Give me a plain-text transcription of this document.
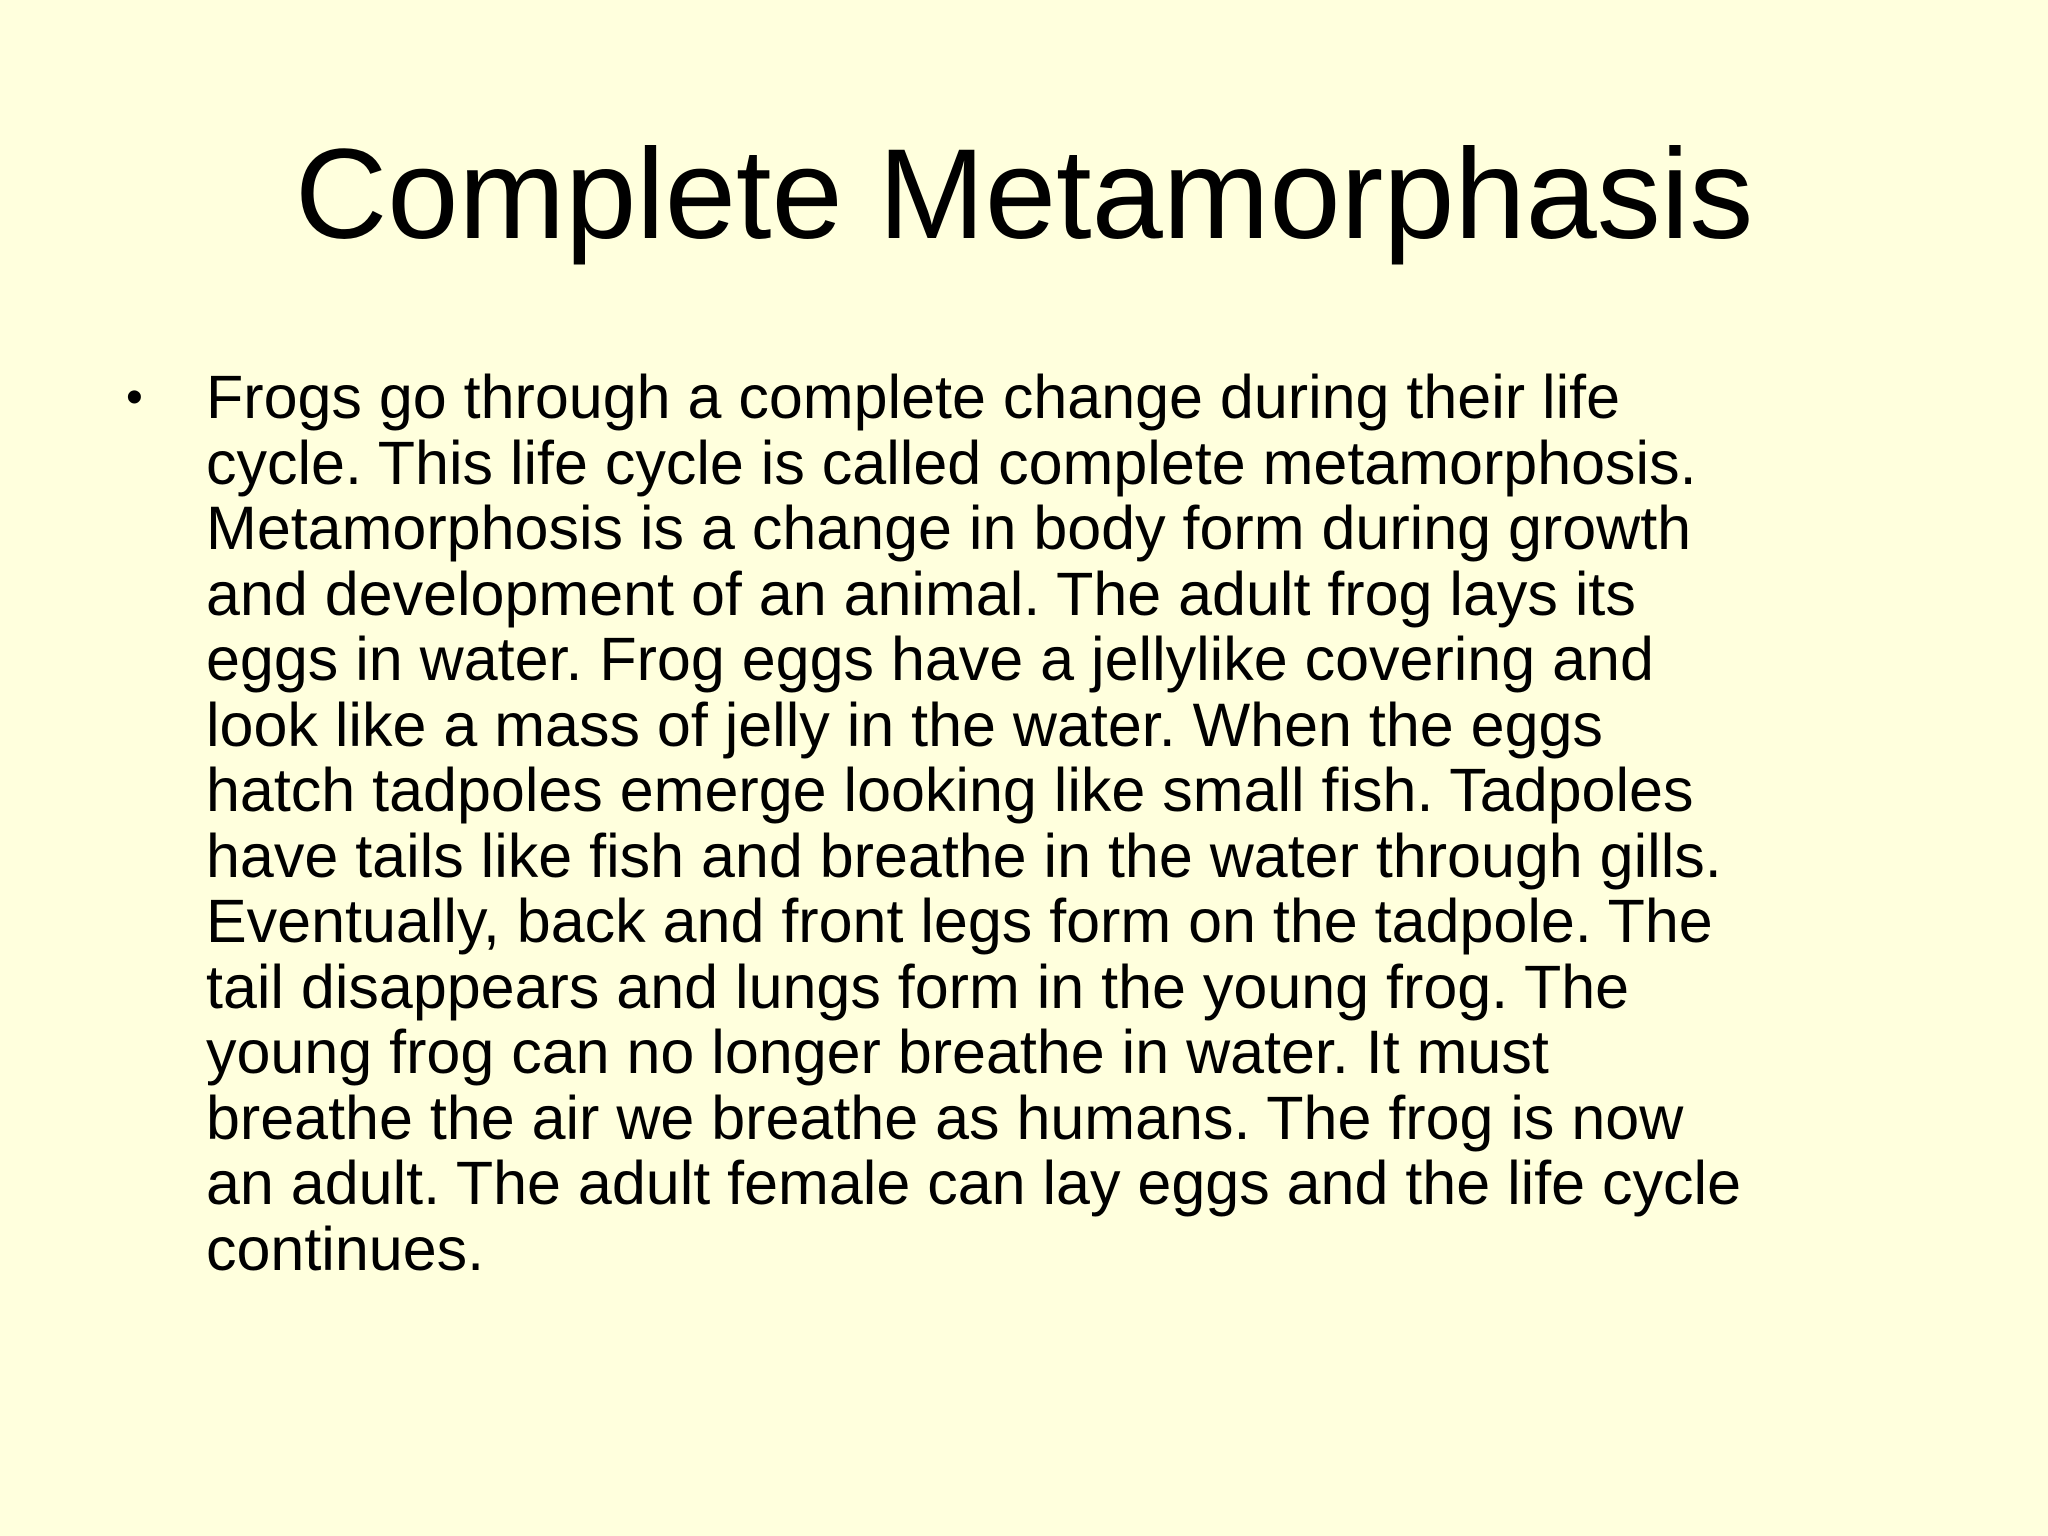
Complete Metamorphasis
•	Frogs go through a complete change during their life
cycle. This life cycle is called complete metamorphosis.
Metamorphosis is a change in body form during growth
and development of an animal. The adult frog lays its
eggs in water. Frog eggs have a jellylike covering and
look like a mass of jelly in the water. When the eggs
hatch tadpoles emerge looking like small fish. Tadpoles
have tails like fish and breathe in the water through gills.
Eventually, back and front legs form on the tadpole. The
tail disappears and lungs form in the young frog. The
young frog can no longer breathe in water. It must
breathe the air we breathe as humans. The frog is now
an adult. The adult female can lay eggs and the life cycle
continues.
